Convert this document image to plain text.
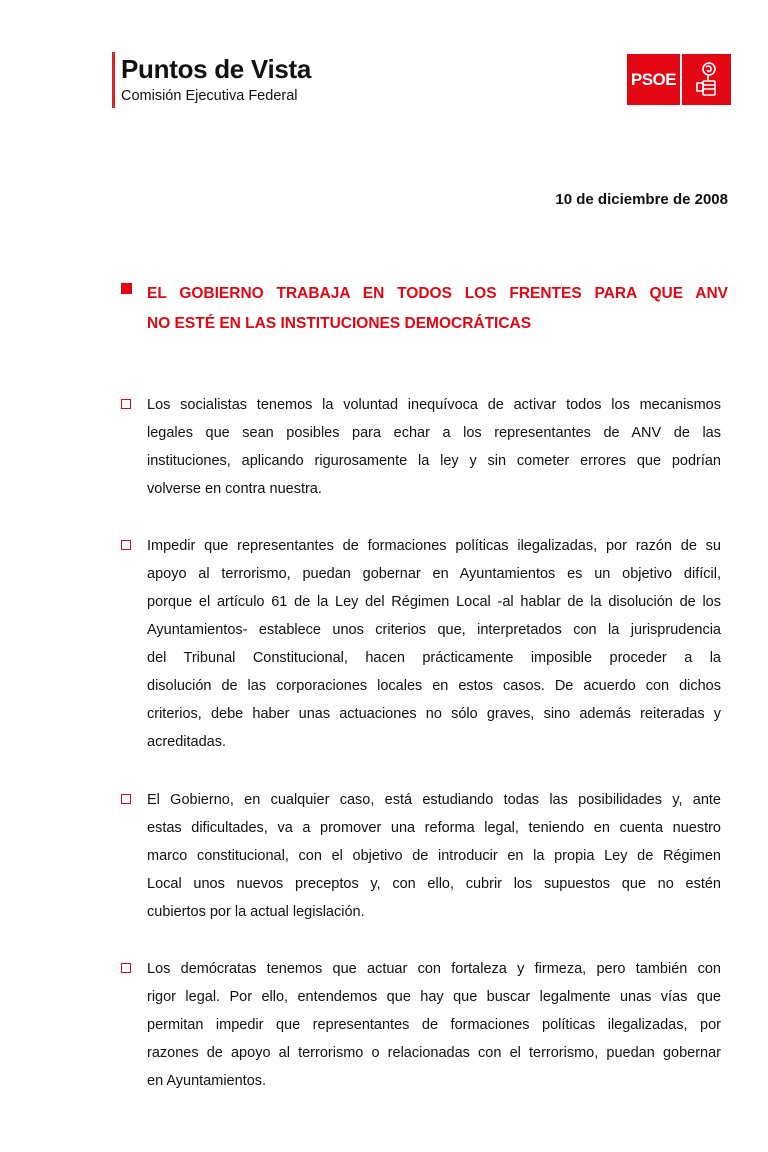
Puntos de Vista
Comisión Ejecutiva Federal
PSOE
10 de diciembre de 2008
EL GOBIERNO TRABAJA EN TODOS LOS FRENTES PARA QUE ANV
NO ESTÉ EN LAS INSTITUCIONES DEMOCRÁTICAS
Los socialistas tenemos la voluntad inequívoca de activar todos los mecanismos
legales que sean posibles para echar a los representantes de ANV de las
instituciones, aplicando rigurosamente la ley y sin cometer errores que podrían
volverse en contra nuestra.
Impedir que representantes de formaciones políticas ilegalizadas, por razón de su
apoyo al terrorismo, puedan gobernar en Ayuntamientos es un objetivo difícil,
porque el artículo 61 de la Ley del Régimen Local -al hablar de la disolución de los
Ayuntamientos- establece unos criterios que, interpretados con la jurisprudencia
del Tribunal Constitucional, hacen prácticamente imposible proceder a la
disolución de las corporaciones locales en estos casos. De acuerdo con dichos
criterios, debe haber unas actuaciones no sólo graves, sino además reiteradas y
acreditadas.
El Gobierno, en cualquier caso, está estudiando todas las posibilidades y, ante
estas dificultades, va a promover una reforma legal, teniendo en cuenta nuestro
marco constitucional, con el objetivo de introducir en la propia Ley de Régimen
Local unos nuevos preceptos y, con ello, cubrir los supuestos que no estén
cubiertos por la actual legislación.
Los demócratas tenemos que actuar con fortaleza y firmeza, pero también con
rigor legal. Por ello, entendemos que hay que buscar legalmente unas vías que
permitan impedir que representantes de formaciones políticas ilegalizadas, por
razones de apoyo al terrorismo o relacionadas con el terrorismo, puedan gobernar
en Ayuntamientos.
